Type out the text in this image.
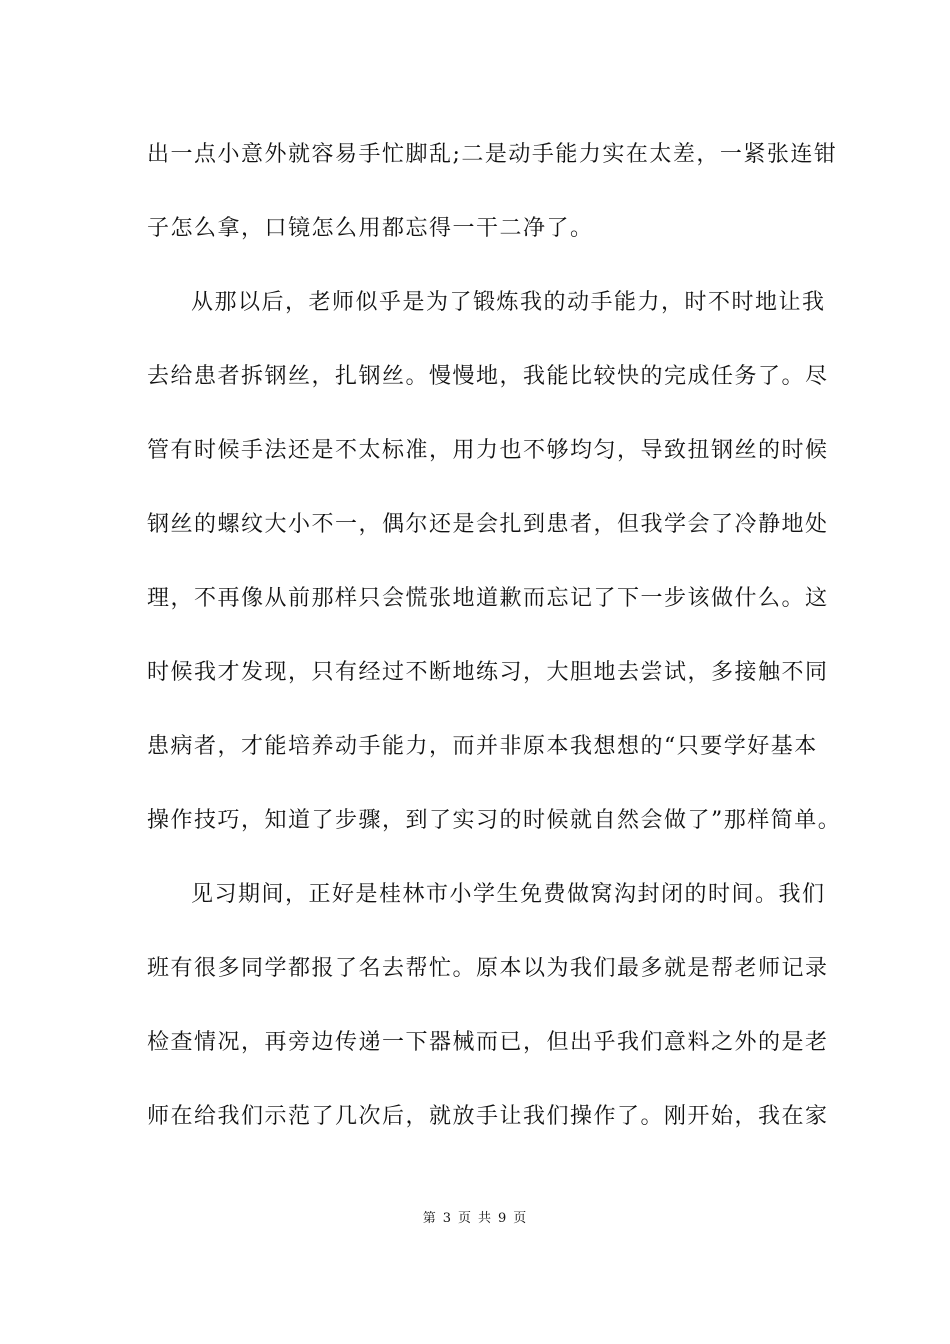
出一点小意外就容易手忙脚乱;二是动手能力实在太差，一紧张连钳
子怎么拿，口镜怎么用都忘得一干二净了。
从那以后，老师似乎是为了锻炼我的动手能力，时不时地让我
去给患者拆钢丝，扎钢丝。慢慢地，我能比较快的完成任务了。尽
管有时候手法还是不太标准，用力也不够均匀，导致扭钢丝的时候
钢丝的螺纹大小不一，偶尔还是会扎到患者，但我学会了冷静地处
理，不再像从前那样只会慌张地道歉而忘记了下一步该做什么。这
时候我才发现，只有经过不断地练习，大胆地去尝试，多接触不同
患病者，才能培养动手能力，而并非原本我想想的“只要学好基本
操作技巧，知道了步骤，到了实习的时候就自然会做了”那样简单。
见习期间，正好是桂林市小学生免费做窝沟封闭的时间。我们
班有很多同学都报了名去帮忙。原本以为我们最多就是帮老师记录
检查情况，再旁边传递一下器械而已，但出乎我们意料之外的是老
师在给我们示范了几次后，就放手让我们操作了。刚开始，我在家
第 3 页 共 9 页
